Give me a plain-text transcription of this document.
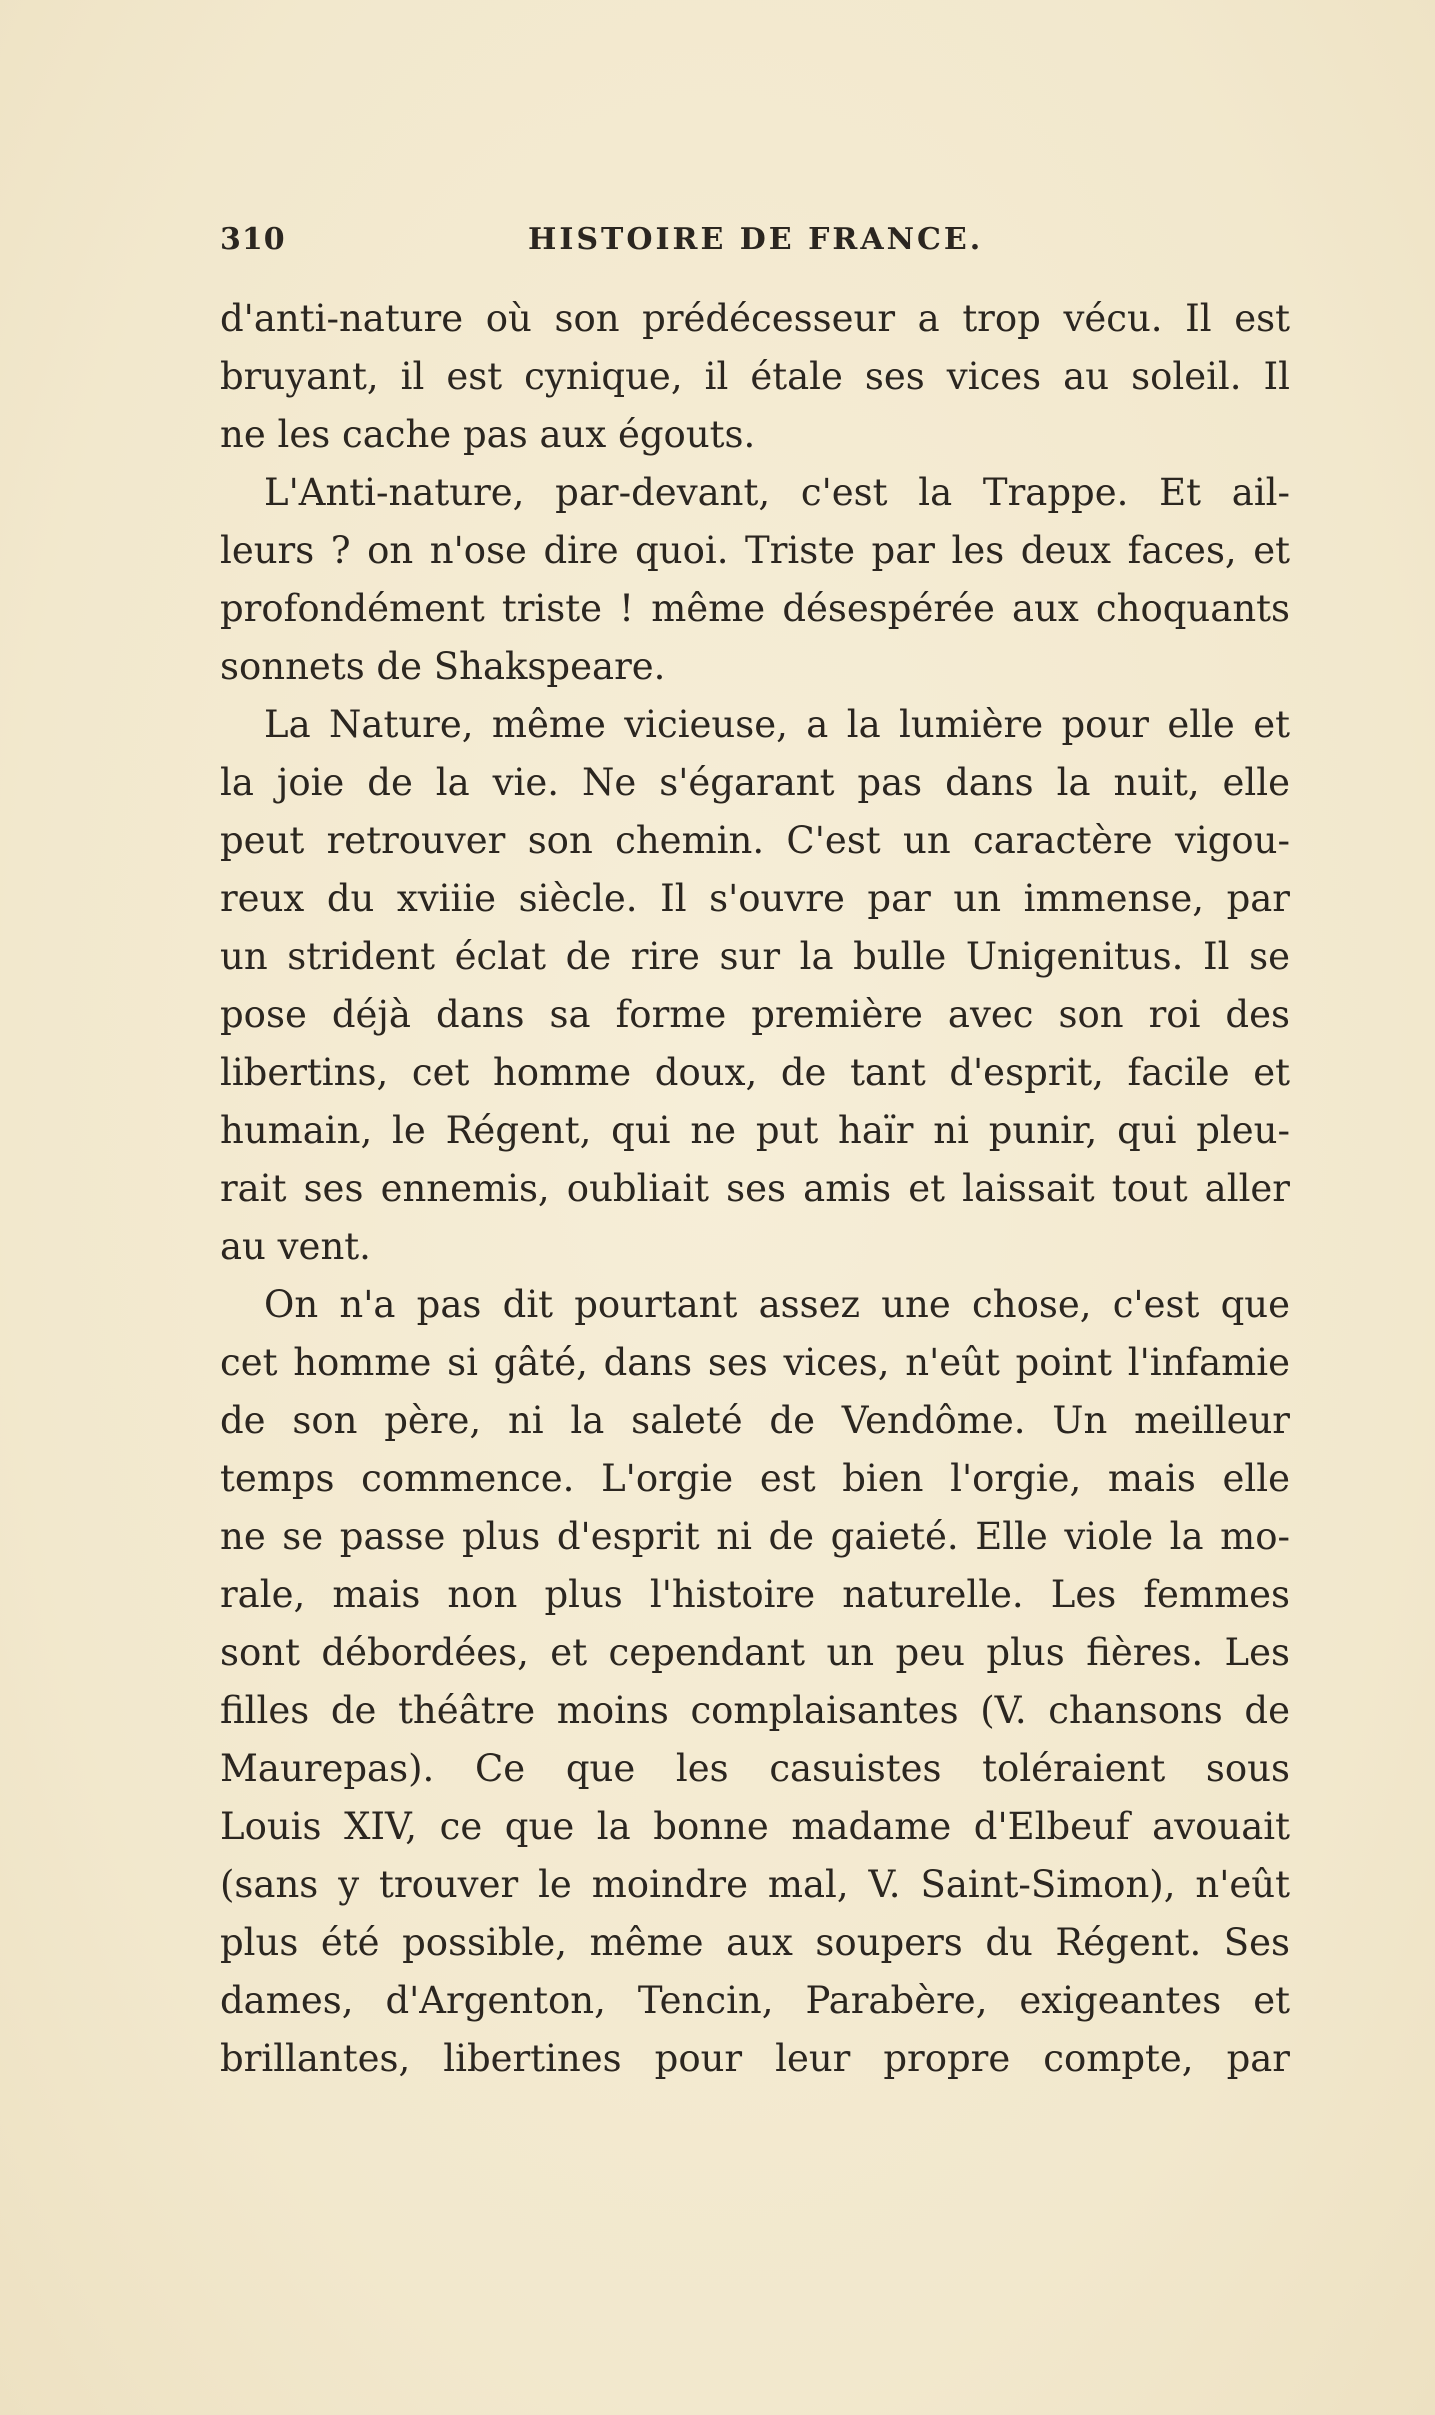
310	HISTOIRE DE FRANCE.
d'anti-nature où son prédécesseur a trop vécu. Il est
bruyant, il est cynique, il étale ses vices au soleil. Il
ne les cache pas aux égouts.
L'Anti-nature, par-devant, c'est la Trappe. Et ail-
leurs ? on n'ose dire quoi. Triste par les deux faces, et
profondément triste ! même désespérée aux choquants
sonnets de Shakspeare.
La Nature, même vicieuse, a la lumière pour elle et
la joie de la vie. Ne s'égarant pas dans la nuit, elle
peut retrouver son chemin. C'est un caractère vigou-
reux du xviiie siècle. Il s'ouvre par un immense, par
un strident éclat de rire sur la bulle Unigenitus. Il se
pose déjà dans sa forme première avec son roi des
libertins, cet homme doux, de tant d'esprit, facile et
humain, le Régent, qui ne put haïr ni punir, qui pleu-
rait ses ennemis, oubliait ses amis et laissait tout aller
au vent.
On n'a pas dit pourtant assez une chose, c'est que
cet homme si gâté, dans ses vices, n'eût point l'infamie
de son père, ni la saleté de Vendôme. Un meilleur
temps commence. L'orgie est bien l'orgie, mais elle
ne se passe plus d'esprit ni de gaieté. Elle viole la mo-
rale, mais non plus l'histoire naturelle. Les femmes
sont débordées, et cependant un peu plus fières. Les
filles de théâtre moins complaisantes (V. chansons de
Maurepas). Ce que les casuistes toléraient sous
Louis XIV, ce que la bonne madame d'Elbeuf avouait
(sans y trouver le moindre mal, V. Saint-Simon), n'eût
plus été possible, même aux soupers du Régent. Ses
dames, d'Argenton, Tencin, Parabère, exigeantes et
brillantes, libertines pour leur propre compte, par
